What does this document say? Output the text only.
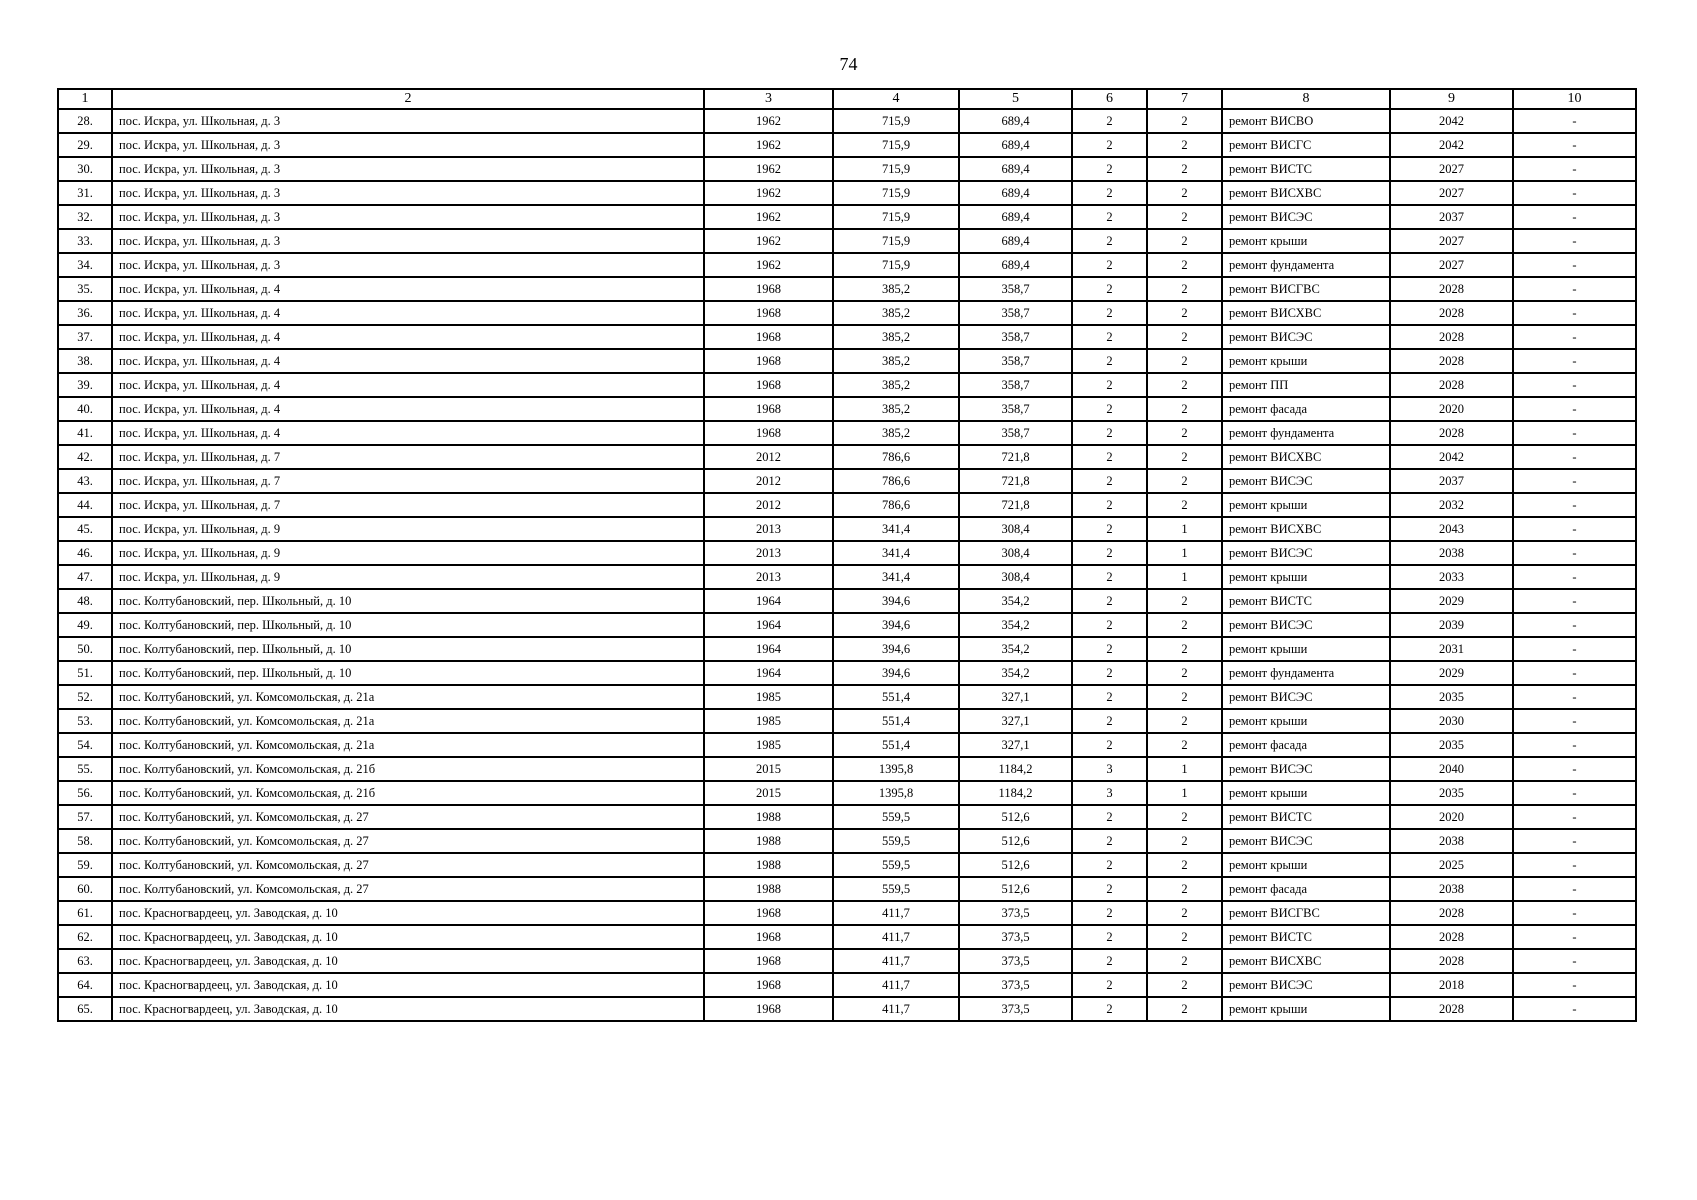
74
1	2	3	4	5	6	7	8	9	10
28.	пос. Искра, ул. Школьная, д. 3	1962	715,9	689,4	2	2	ремонт ВИСВО	2042	-
29.	пос. Искра, ул. Школьная, д. 3	1962	715,9	689,4	2	2	ремонт ВИСГС	2042	-
30.	пос. Искра, ул. Школьная, д. 3	1962	715,9	689,4	2	2	ремонт ВИСТС	2027	-
31.	пос. Искра, ул. Школьная, д. 3	1962	715,9	689,4	2	2	ремонт ВИСХВС	2027	-
32.	пос. Искра, ул. Школьная, д. 3	1962	715,9	689,4	2	2	ремонт ВИСЭС	2037	-
33.	пос. Искра, ул. Школьная, д. 3	1962	715,9	689,4	2	2	ремонт крыши	2027	-
34.	пос. Искра, ул. Школьная, д. 3	1962	715,9	689,4	2	2	ремонт фундамента	2027	-
35.	пос. Искра, ул. Школьная, д. 4	1968	385,2	358,7	2	2	ремонт ВИСГВС	2028	-
36.	пос. Искра, ул. Школьная, д. 4	1968	385,2	358,7	2	2	ремонт ВИСХВС	2028	-
37.	пос. Искра, ул. Школьная, д. 4	1968	385,2	358,7	2	2	ремонт ВИСЭС	2028	-
38.	пос. Искра, ул. Школьная, д. 4	1968	385,2	358,7	2	2	ремонт крыши	2028	-
39.	пос. Искра, ул. Школьная, д. 4	1968	385,2	358,7	2	2	ремонт ПП	2028	-
40.	пос. Искра, ул. Школьная, д. 4	1968	385,2	358,7	2	2	ремонт фасада	2020	-
41.	пос. Искра, ул. Школьная, д. 4	1968	385,2	358,7	2	2	ремонт фундамента	2028	-
42.	пос. Искра, ул. Школьная, д. 7	2012	786,6	721,8	2	2	ремонт ВИСХВС	2042	-
43.	пос. Искра, ул. Школьная, д. 7	2012	786,6	721,8	2	2	ремонт ВИСЭС	2037	-
44.	пос. Искра, ул. Школьная, д. 7	2012	786,6	721,8	2	2	ремонт крыши	2032	-
45.	пос. Искра, ул. Школьная, д. 9	2013	341,4	308,4	2	1	ремонт ВИСХВС	2043	-
46.	пос. Искра, ул. Школьная, д. 9	2013	341,4	308,4	2	1	ремонт ВИСЭС	2038	-
47.	пос. Искра, ул. Школьная, д. 9	2013	341,4	308,4	2	1	ремонт крыши	2033	-
48.	пос. Колтубановский, пер. Школьный, д. 10	1964	394,6	354,2	2	2	ремонт ВИСТС	2029	-
49.	пос. Колтубановский, пер. Школьный, д. 10	1964	394,6	354,2	2	2	ремонт ВИСЭС	2039	-
50.	пос. Колтубановский, пер. Школьный, д. 10	1964	394,6	354,2	2	2	ремонт крыши	2031	-
51.	пос. Колтубановский, пер. Школьный, д. 10	1964	394,6	354,2	2	2	ремонт фундамента	2029	-
52.	пос. Колтубановский, ул. Комсомольская, д. 21а	1985	551,4	327,1	2	2	ремонт ВИСЭС	2035	-
53.	пос. Колтубановский, ул. Комсомольская, д. 21а	1985	551,4	327,1	2	2	ремонт крыши	2030	-
54.	пос. Колтубановский, ул. Комсомольская, д. 21а	1985	551,4	327,1	2	2	ремонт фасада	2035	-
55.	пос. Колтубановский, ул. Комсомольская, д. 21б	2015	1395,8	1184,2	3	1	ремонт ВИСЭС	2040	-
56.	пос. Колтубановский, ул. Комсомольская, д. 21б	2015	1395,8	1184,2	3	1	ремонт крыши	2035	-
57.	пос. Колтубановский, ул. Комсомольская, д. 27	1988	559,5	512,6	2	2	ремонт ВИСТС	2020	-
58.	пос. Колтубановский, ул. Комсомольская, д. 27	1988	559,5	512,6	2	2	ремонт ВИСЭС	2038	-
59.	пос. Колтубановский, ул. Комсомольская, д. 27	1988	559,5	512,6	2	2	ремонт крыши	2025	-
60.	пос. Колтубановский, ул. Комсомольская, д. 27	1988	559,5	512,6	2	2	ремонт фасада	2038	-
61.	пос. Красногвардеец, ул. Заводская, д. 10	1968	411,7	373,5	2	2	ремонт ВИСГВС	2028	-
62.	пос. Красногвардеец, ул. Заводская, д. 10	1968	411,7	373,5	2	2	ремонт ВИСТС	2028	-
63.	пос. Красногвардеец, ул. Заводская, д. 10	1968	411,7	373,5	2	2	ремонт ВИСХВС	2028	-
64.	пос. Красногвардеец, ул. Заводская, д. 10	1968	411,7	373,5	2	2	ремонт ВИСЭС	2018	-
65.	пос. Красногвардеец, ул. Заводская, д. 10	1968	411,7	373,5	2	2	ремонт крыши	2028	-
